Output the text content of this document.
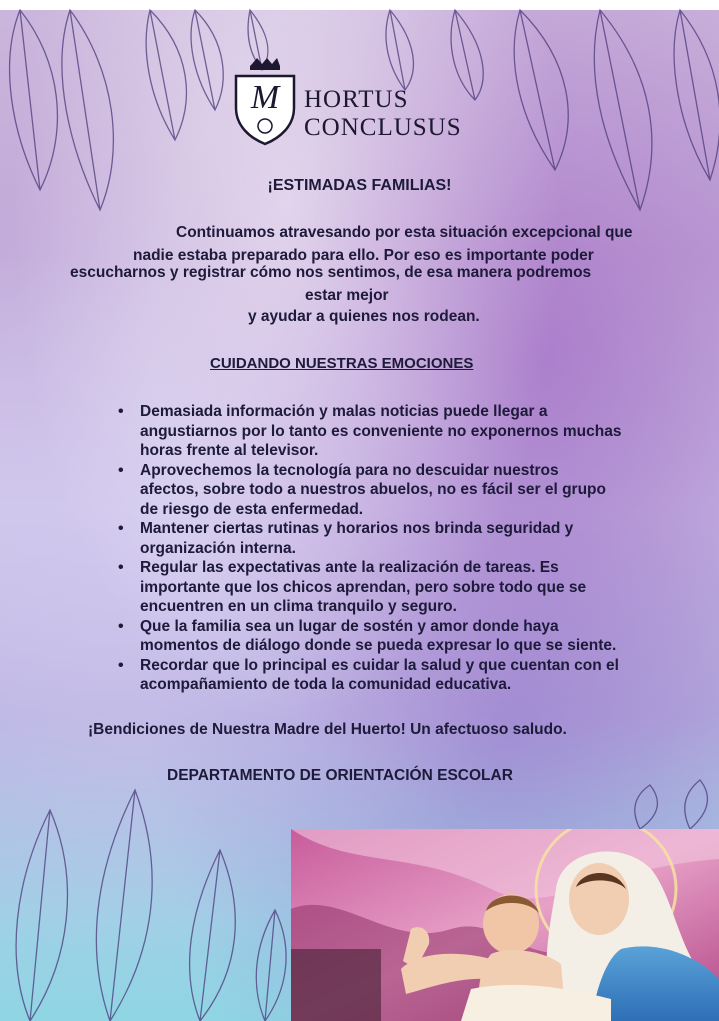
M HORTUS
CONCLUSUS
¡ESTIMADAS FAMILIAS!
Continuamos atravesando por esta situación excepcional que
nadie estaba preparado para ello. Por eso es importante poder
escucharnos y registrar cómo nos sentimos, de esa manera podremos
estar mejor
y ayudar a quienes nos rodean.
CUIDANDO NUESTRAS EMOCIONES
• Demasiada información y malas noticias puede llegar a
angustiarnos por lo tanto es conveniente no exponernos muchas
horas frente al televisor.
• Aprovechemos la tecnología para no descuidar nuestros
afectos, sobre todo a nuestros abuelos, no es fácil ser el grupo
de riesgo de esta enfermedad.
• Mantener ciertas rutinas y horarios nos brinda seguridad y
organización interna.
• Regular las expectativas ante la realización de tareas. Es
importante que los chicos aprendan, pero sobre todo que se
encuentren en un clima tranquilo y seguro.
• Que la familia sea un lugar de sostén y amor donde haya
momentos de diálogo donde se pueda expresar lo que se siente.
• Recordar que lo principal es cuidar la salud y que cuentan con el
acompañamiento de toda la comunidad educativa.
¡Bendiciones de Nuestra Madre del Huerto! Un afectuoso saludo.
DEPARTAMENTO DE ORIENTACIÓN ESCOLAR
